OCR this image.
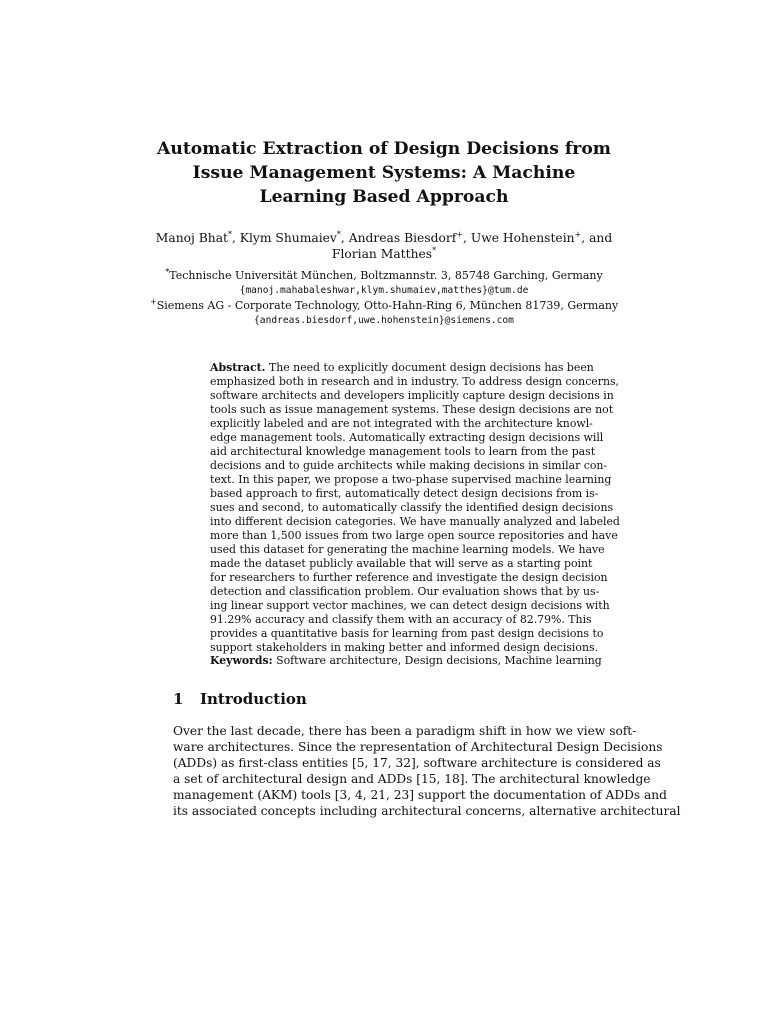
Automatic Extraction of Design Decisions from
Issue Management Systems: A Machine
Learning Based Approach
Manoj Bhat*, Klym Shumaiev*, Andreas Biesdorf+, Uwe Hohenstein+, and
Florian Matthes*
*Technische Universität München, Boltzmannstr. 3, 85748 Garching, Germany
{manoj.mahabaleshwar,klym.shumaiev,matthes}@tum.de
+Siemens AG - Corporate Technology, Otto-Hahn-Ring 6, München 81739, Germany
{andreas.biesdorf,uwe.hohenstein}@siemens.com
Abstract. The need to explicitly document design decisions has been
emphasized both in research and in industry. To address design concerns,
software architects and developers implicitly capture design decisions in
tools such as issue management systems. These design decisions are not
explicitly labeled and are not integrated with the architecture knowl-
edge management tools. Automatically extracting design decisions will
aid architectural knowledge management tools to learn from the past
decisions and to guide architects while making decisions in similar con-
text. In this paper, we propose a two-phase supervised machine learning
based approach to first, automatically detect design decisions from is-
sues and second, to automatically classify the identified design decisions
into different decision categories. We have manually analyzed and labeled
more than 1,500 issues from two large open source repositories and have
used this dataset for generating the machine learning models. We have
made the dataset publicly available that will serve as a starting point
for researchers to further reference and investigate the design decision
detection and classification problem. Our evaluation shows that by us-
ing linear support vector machines, we can detect design decisions with
91.29% accuracy and classify them with an accuracy of 82.79%. This
provides a quantitative basis for learning from past design decisions to
support stakeholders in making better and informed design decisions.
Keywords: Software architecture, Design decisions, Machine learning
1 Introduction
Over the last decade, there has been a paradigm shift in how we view soft-
ware architectures. Since the representation of Architectural Design Decisions
(ADDs) as first-class entities [5, 17, 32], software architecture is considered as
a set of architectural design and ADDs [15, 18]. The architectural knowledge
management (AKM) tools [3, 4, 21, 23] support the documentation of ADDs and
its associated concepts including architectural concerns, alternative architectural
